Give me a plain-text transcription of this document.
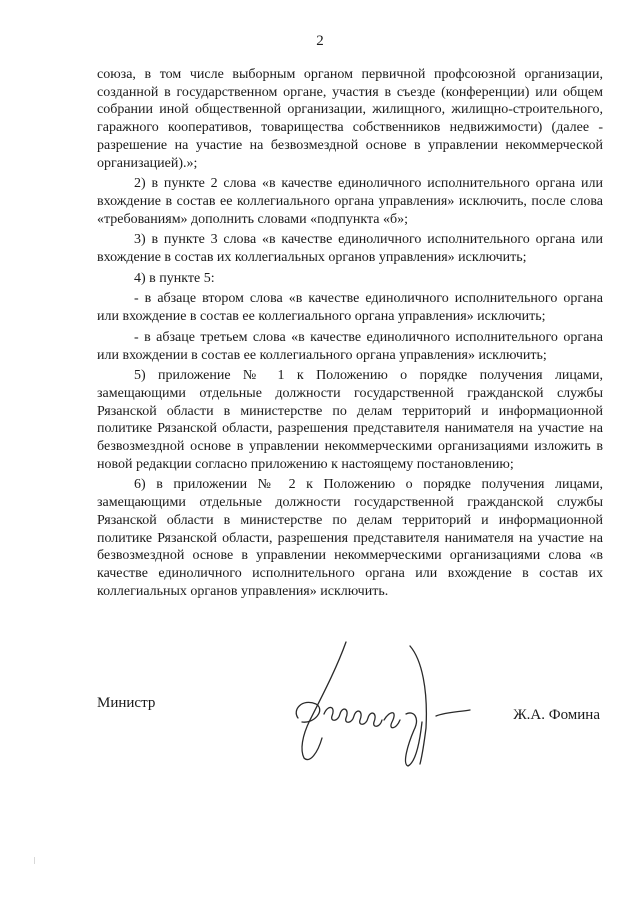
2

союза, в том числе выборным органом первичной профсоюзной организации, созданной в государственном органе, участия в съезде (конференции) или общем собрании иной общественной организации, жилищного, жилищно-строительного, гаражного кооперативов, товарищества собственников недвижимости) (далее - разрешение на участие на безвозмездной основе в управлении некоммерческой организацией).»;

2) в пункте 2 слова «в качестве единоличного исполнительного органа или вхождение в состав ее коллегиального органа управления» исключить, после слова «требованиям» дополнить словами «подпункта «б»;

3) в пункте 3 слова «в качестве единоличного исполнительного органа или вхождение в состав их коллегиальных органов управления» исключить;

4) в пункте 5:

- в абзаце втором слова «в качестве единоличного исполнительного органа или вхождение в состав ее коллегиального органа управления» исключить;

- в абзаце третьем слова «в качестве единоличного исполнительного органа или вхождении в состав ее коллегиального органа управления» исключить;

5) приложение № 1 к Положению о порядке получения лицами, замещающими отдельные должности государственной гражданской службы Рязанской области в министерстве по делам территорий и информационной политике Рязанской области, разрешения представителя нанимателя на участие на безвозмездной основе в управлении некоммерческими организациями изложить в новой редакции согласно приложению к настоящему постановлению;

6) в приложении № 2 к Положению о порядке получения лицами, замещающими отдельные должности государственной гражданской службы Рязанской области в министерстве по делам территорий и информационной политике Рязанской области, разрешения представителя нанимателя на участие на безвозмездной основе в управлении некоммерческими организациями слова «в качестве единоличного исполнительного органа или вхождение в состав их коллегиальных органов управления» исключить.

Министр
Ж.А. Фомина
